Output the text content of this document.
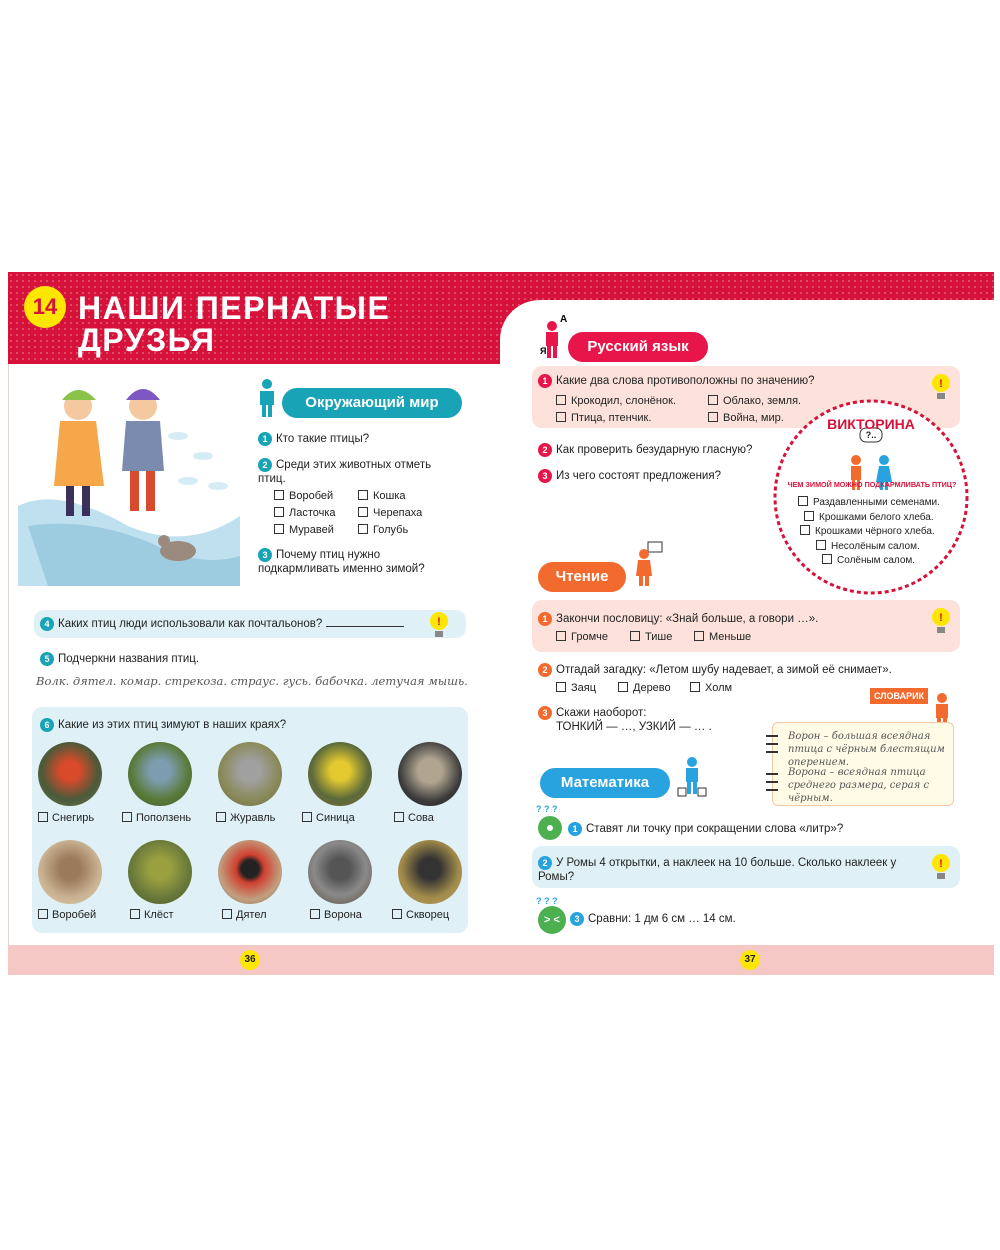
14 НАШИ ПЕРНАТЫЕ
ДРУЗЬЯ
Окружающий мир
1 Кто такие птицы?
2 Среди этих животных отметь птиц.
Воробей	Кошка
Ласточка	Черепаха
Муравей	Голубь
3 Почему птиц нужно подкармливать именно зимой?
4 Каких птиц люди использовали как почтальонов?	!
5 Подчеркни названия птиц.
Волк. дятел. комар. стрекоза. страус. гусь. бабочка. летучая мышь.
6 Какие из этих птиц зимуют в наших краях?
Снегирь	Поползень	Журавль	Синица	Сова
Воробей	Клёст	Дятел	Ворона	Скворец
36
А
Я	Русский язык
1 Какие два слова противоположны по значению?
Крокодил, слонёнок.	Облако, земля.
Птица, птенчик.	Война, мир.
!
2 Как проверить безударную гласную?
3 Из чего состоят предложения?
ВИКТОРИНА
?..
ЧЕМ ЗИМОЙ МОЖНО ПОДКАРМЛИВАТЬ ПТИЦ?
Раздавленными семенами.
Крошками белого хлеба.
Крошками чёрного хлеба.
Несолёным салом.
Солёным салом.
Чтение
1 Закончи пословицу: «Знай больше, а говори …».
Громче	Тише	Меньше
!
2 Отгадай загадку: «Летом шубу надевает, а зимой её снимает».
Заяц	Дерево	Холм
3 Скажи наоборот:
ТОНКИЙ — …, УЗКИЙ — … .
СЛОВАРИК
Ворон – большая всеядная птица с чёрным блестящим оперением.
Ворона – всеядная птица среднего размера, серая с чёрным.
Математика
? ? ?
1 Ставят ли точку при сокращении слова «литр»?
2 У Ромы 4 открытки, а наклеек на 10 больше. Сколько наклеек у Ромы?
!
? ? ?
> <	3 Сравни: 1 дм 6 см … 14 см.
37
